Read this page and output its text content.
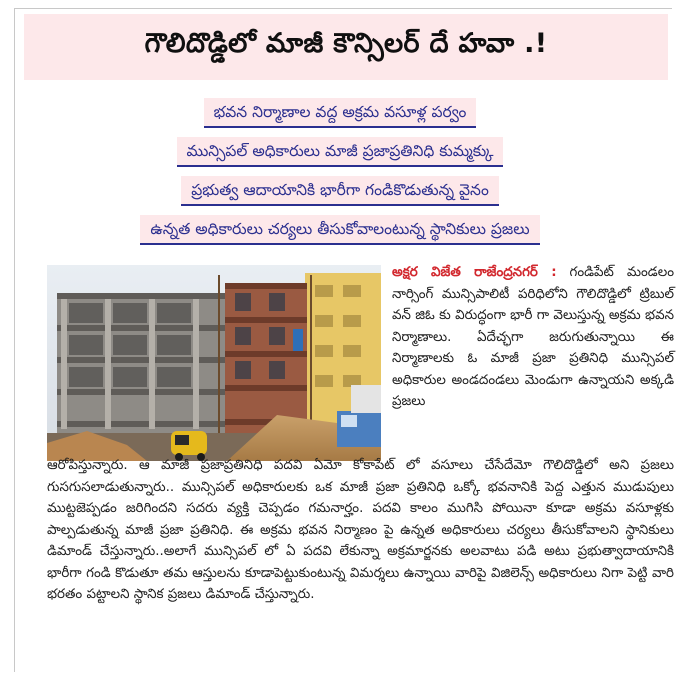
గౌలిదొడ్డిలో మాజీ కౌన్సిలర్ దే హవా .!
భవన నిర్మాణాల వద్ద అక్రమ వసూళ్ల పర్వం
మున్సిపల్ అధికారులు మాజీ ప్రజాప్రతినిధి కుమ్మక్కు
ప్రభుత్వ ఆదాయానికి భారీగా గండికొడుతున్న వైనం
ఉన్నత అధికారులు చర్యలు తీసుకోవాలంటున్న స్థానికులు ప్రజలు
అక్షర విజేత రాజేంద్రనగర్ : గండిపేట్ మండలం నార్సింగ్ మున్సిపాలిటీ పరిధిలోని గౌలిదొడ్డిలో ట్రిబుల్ వన్ జిఓ కు విరుద్ధంగా భారీ గా వెలుస్తున్న అక్రమ భవన నిర్మాణాలు. ఏదేచ్ఛగా జరుగుతున్నాయి ఈ నిర్మాణాలకు ఓ మాజీ ప్రజా ప్రతినిధి మున్సిపల్ అధికారుల అండదండలు మెండుగా ఉన్నాయని అక్కడి ప్రజలు
ఆరోపిస్తున్నారు. ఆ మాజీ ప్రజాప్రతినిధి పదవి ఏమో కోకాపేట్ లో వసూలు చేసేదేమో గౌలిదొడ్డిలో అని ప్రజలు గుసగుసలాడుతున్నారు.. మున్సిపల్ అధికారులకు ఒక మాజీ ప్రజా ప్రతినిధి ఒక్కో భవనానికి పెద్ద ఎత్తున ముడుపులు ముట్టజెప్పడం జరిగిందని సదరు వ్యక్తి చెప్పడం గమనార్హం. పదవి కాలం ముగిసి పోయినా కూడా అక్రమ వసూళ్లకు పాల్పడుతున్న మాజీ ప్రజా ప్రతినిధి. ఈ అక్రమ భవన నిర్మాణం పై ఉన్నత అధికారులు చర్యలు తీసుకోవాలని స్థానికులు డిమాండ్ చేస్తున్నారు..అలాగే మున్సిపల్ లో ఏ పదవి లేకున్నా అక్రమార్జనకు అలవాటు పడి అటు ప్రభుత్వాదాయానికి భారీగా గండి కొడుతూ తమ ఆస్తులను కూడాపెట్టుకుంటున్న విమర్శలు ఉన్నాయి వారిపై విజిలెన్స్ అధికారులు నిగా పెట్టి వారి భరతం పట్టాలని స్థానిక ప్రజలు డిమాండ్ చేస్తున్నారు.
